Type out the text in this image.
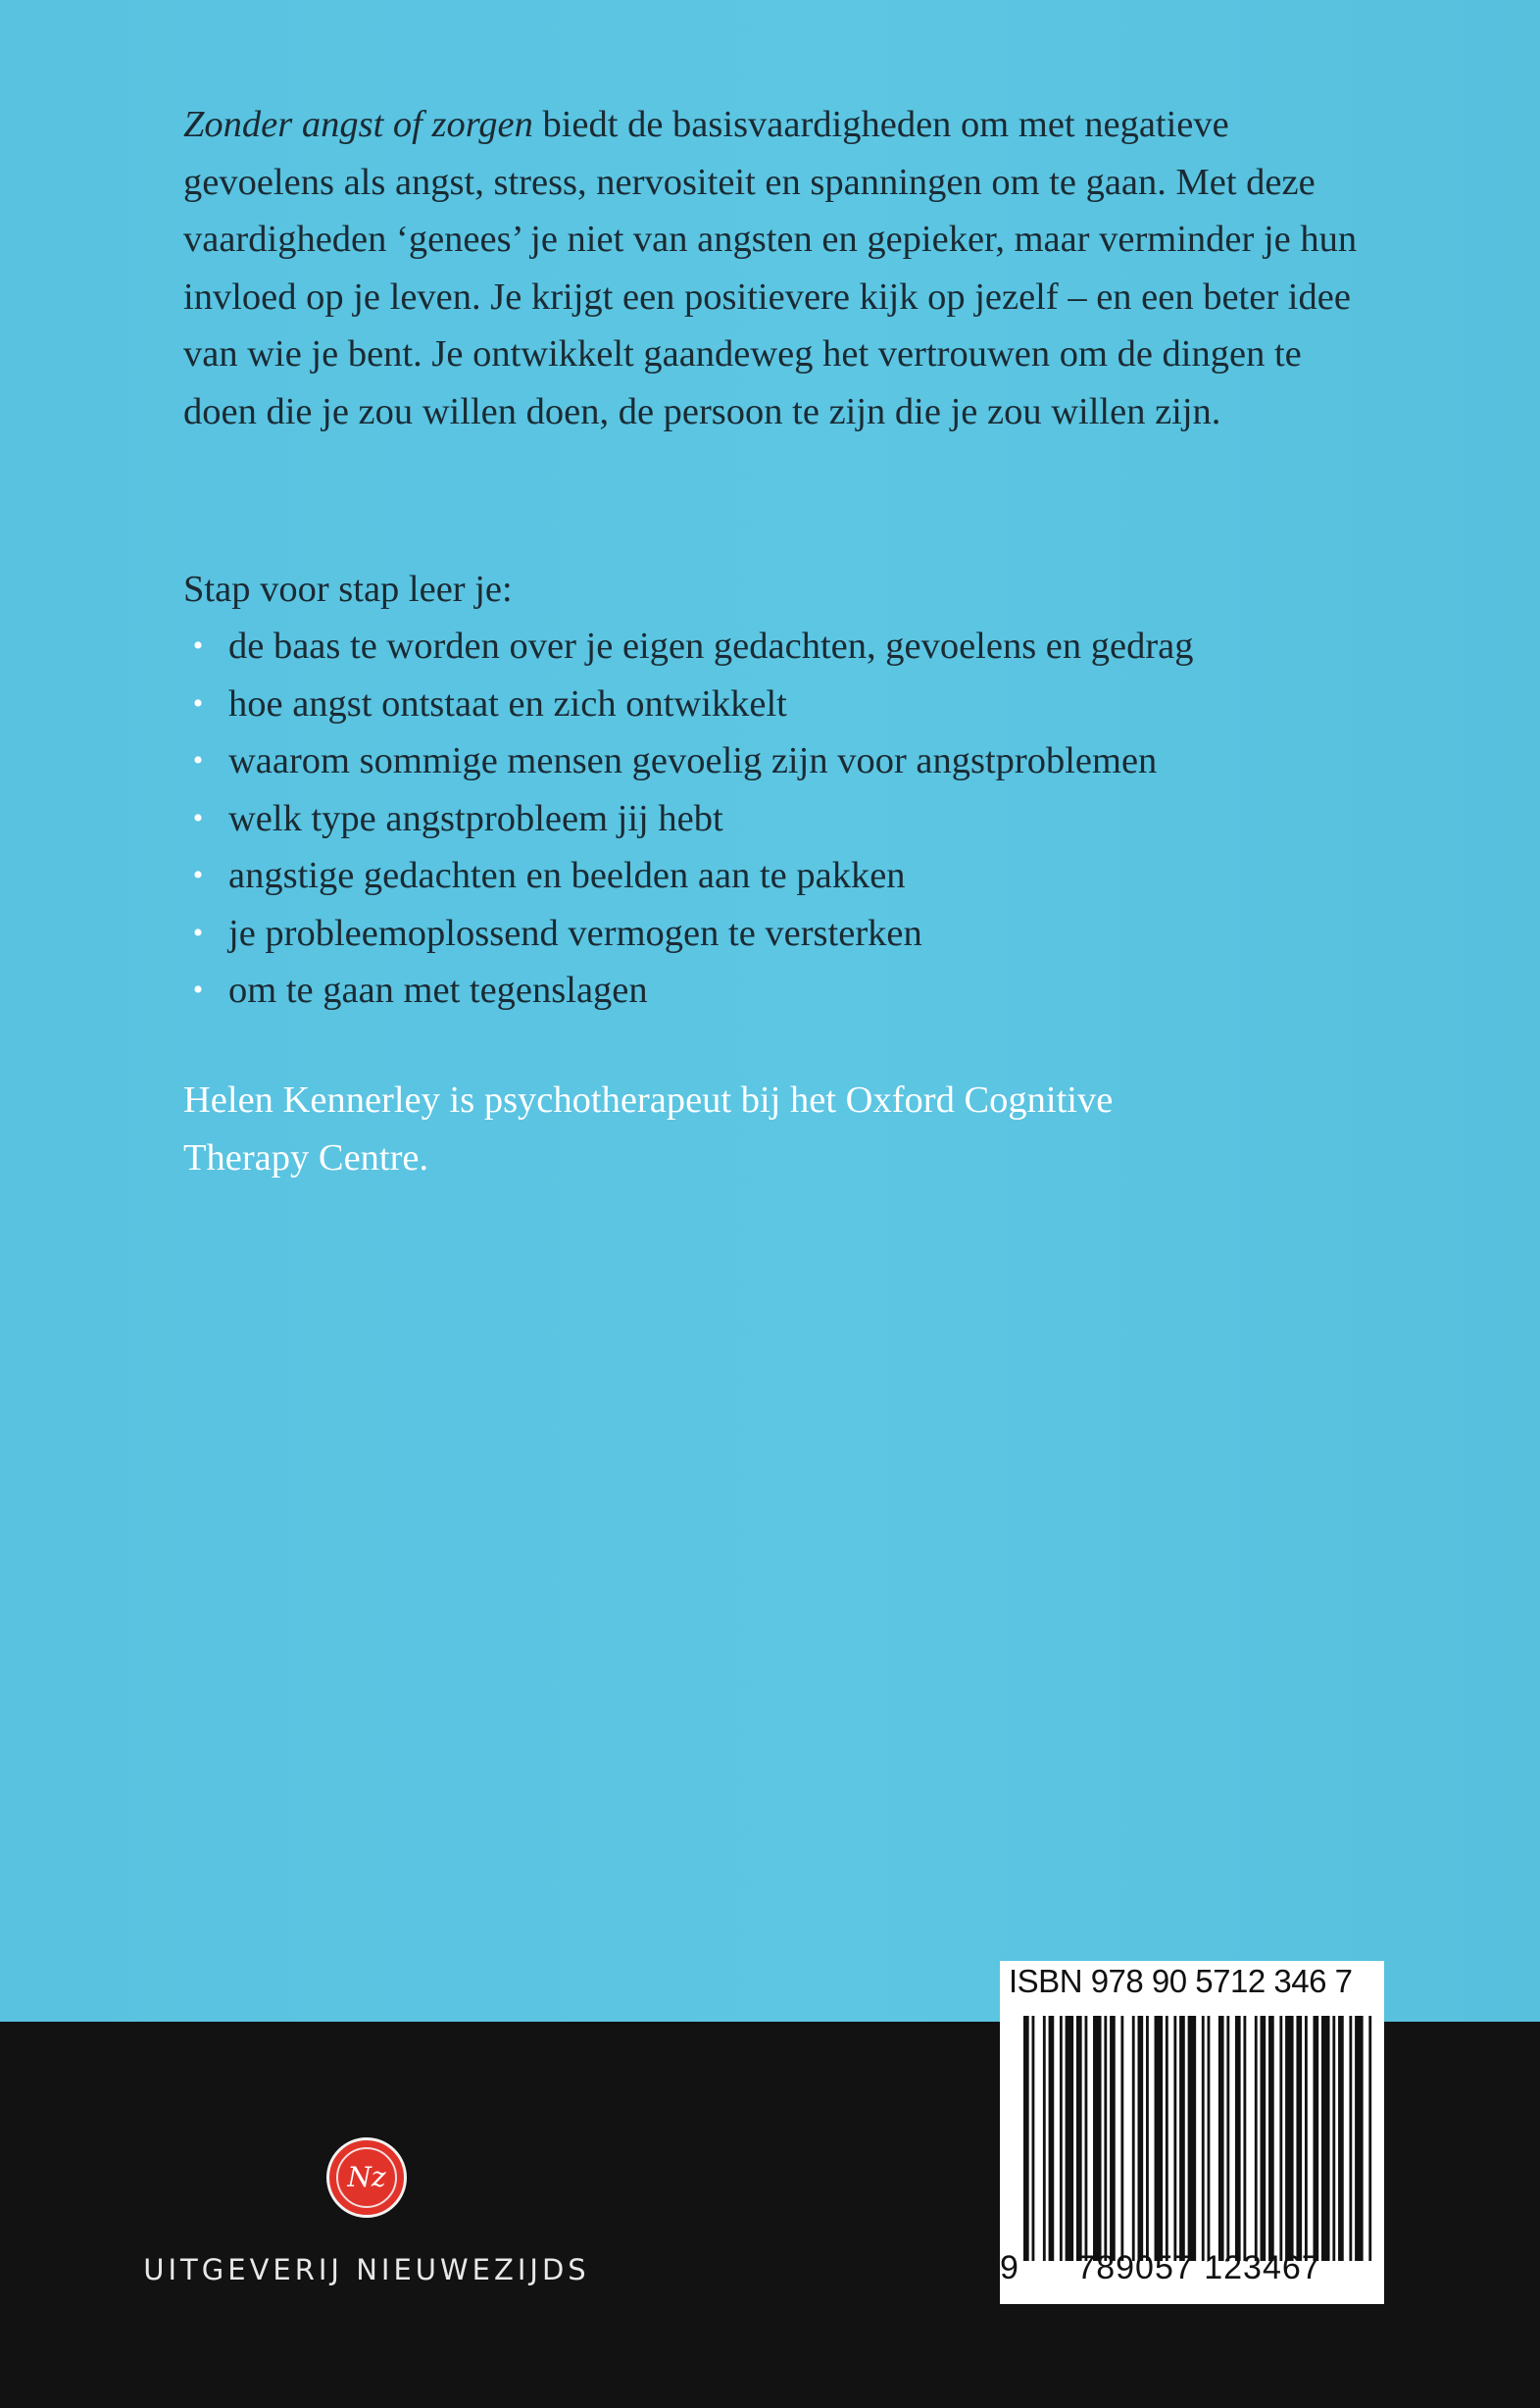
Zonder angst of zorgen biedt de basisvaardigheden om met negatieve gevoelens als angst, stress, nervositeit en spanningen om te gaan. Met deze vaardigheden ‘genees’ je niet van angsten en gepieker, maar verminder je hun invloed op je leven. Je krijgt een positievere kijk op jezelf – en een beter idee van wie je bent. Je ontwikkelt gaandeweg het vertrouwen om de dingen te doen die je zou willen doen, de persoon te zijn die je zou willen zijn.

Stap voor stap leer je:

• de baas te worden over je eigen gedachten, gevoelens en gedrag
• hoe angst ontstaat en zich ontwikkelt
• waarom sommige mensen gevoelig zijn voor angstproblemen
• welk type angstprobleem jij hebt
• angstige gedachten en beelden aan te pakken
• je probleemoplossend vermogen te versterken
• om te gaan met tegenslagen

Helen Kennerley is psychotherapeut bij het Oxford Cognitive
Therapy Centre.

Nz
UITGEVERIJ NIEUWEZIJDS
ISBN 978 90 5712 346 7
9	789057 123467
